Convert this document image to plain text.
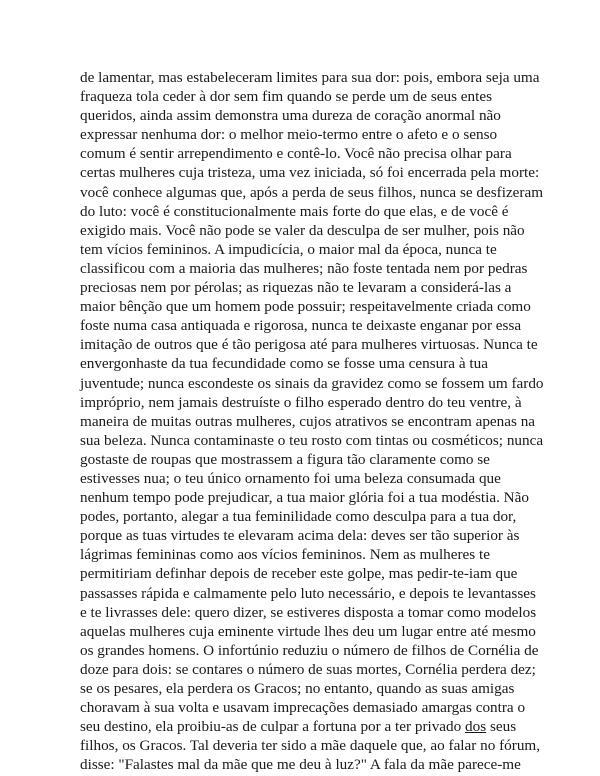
de lamentar, mas estabeleceram limites para sua dor: pois, embora seja uma
fraqueza tola ceder à dor sem fim quando se perde um de seus entes
queridos, ainda assim demonstra uma dureza de coração anormal não
expressar nenhuma dor: o melhor meio-termo entre o afeto e o senso
comum é sentir arrependimento e contê-lo. Você não precisa olhar para
certas mulheres cuja tristeza, uma vez iniciada, só foi encerrada pela morte:
você conhece algumas que, após a perda de seus filhos, nunca se desfizeram
do luto: você é constitucionalmente mais forte do que elas, e de você é
exigido mais. Você não pode se valer da desculpa de ser mulher, pois não
tem vícios femininos. A impudicícia, o maior mal da época, nunca te
classificou com a maioria das mulheres; não foste tentada nem por pedras
preciosas nem por pérolas; as riquezas não te levaram a considerá-las a
maior bênção que um homem pode possuir; respeitavelmente criada como
foste numa casa antiquada e rigorosa, nunca te deixaste enganar por essa
imitação de outros que é tão perigosa até para mulheres virtuosas. Nunca te
envergonhaste da tua fecundidade como se fosse uma censura à tua
juventude; nunca escondeste os sinais da gravidez como se fossem um fardo
impróprio, nem jamais destruíste o filho esperado dentro do teu ventre, à
maneira de muitas outras mulheres, cujos atrativos se encontram apenas na
sua beleza. Nunca contaminaste o teu rosto com tintas ou cosméticos; nunca
gostaste de roupas que mostrassem a figura tão claramente como se
estivesses nua; o teu único ornamento foi uma beleza consumada que
nenhum tempo pode prejudicar, a tua maior glória foi a tua modéstia. Não
podes, portanto, alegar a tua feminilidade como desculpa para a tua dor,
porque as tuas virtudes te elevaram acima dela: deves ser tão superior às
lágrimas femininas como aos vícios femininos. Nem as mulheres te
permitiriam definhar depois de receber este golpe, mas pedir-te-iam que
passasses rápida e calmamente pelo luto necessário, e depois te levantasses
e te livrasses dele: quero dizer, se estiveres disposta a tomar como modelos
aquelas mulheres cuja eminente virtude lhes deu um lugar entre até mesmo
os grandes homens. O infortúnio reduziu o número de filhos de Cornélia de
doze para dois: se contares o número de suas mortes, Cornélia perdera dez;
se os pesares, ela perdera os Gracos; no entanto, quando as suas amigas
choravam à sua volta e usavam imprecações demasiado amargas contra o
seu destino, ela proibiu-as de culpar a fortuna por a ter privado dos seus
filhos, os Gracos. Tal deveria ter sido a mãe daquele que, ao falar no fórum,
disse: "Falastes mal da mãe que me deu à luz?" A fala da mãe parece-me
